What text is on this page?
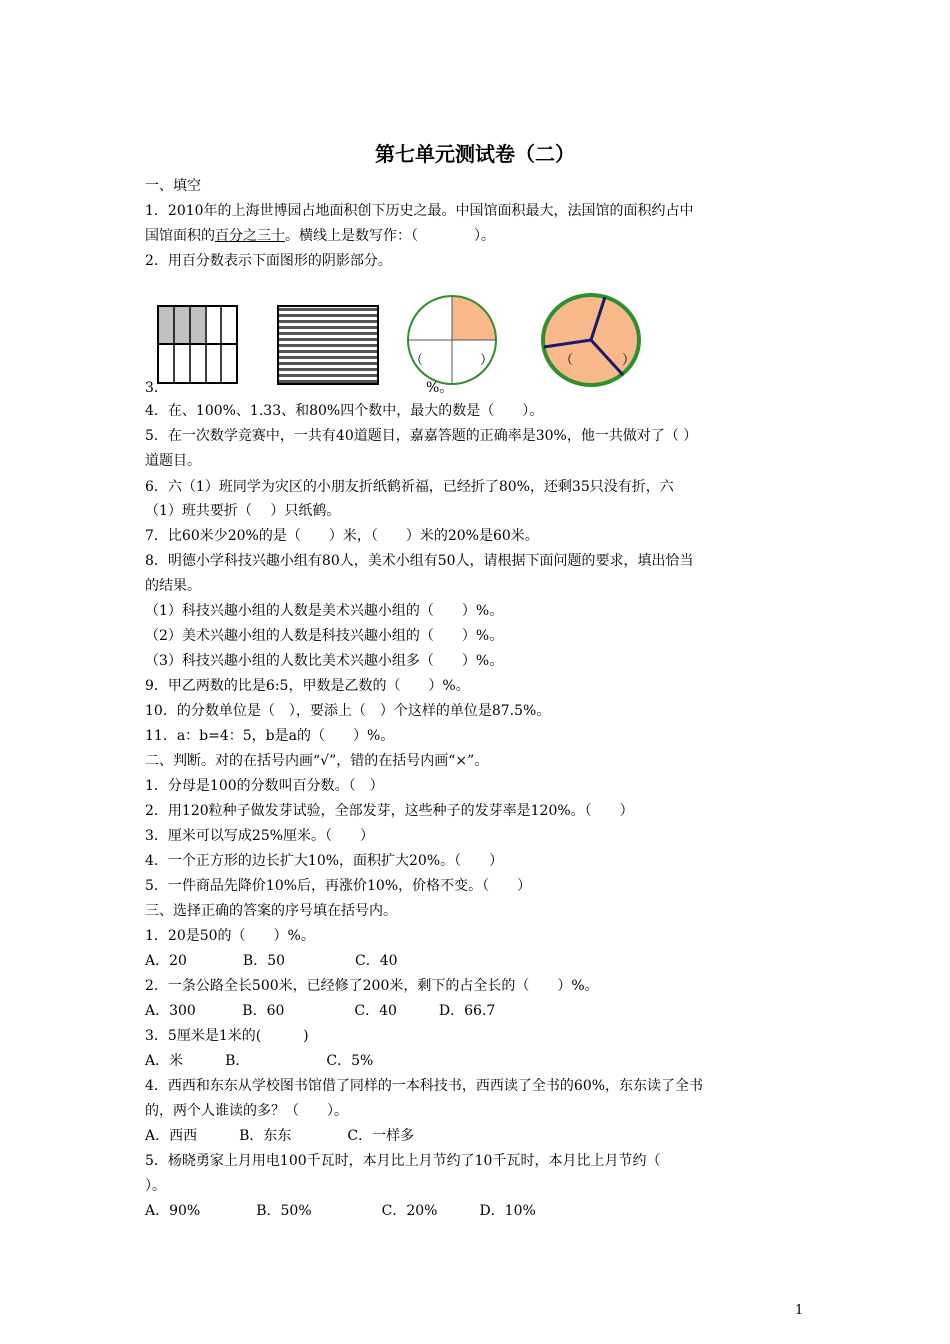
第七单元测试卷（二）
一、填空
1．2010年的上海世博园占地面积创下历史之最。中国馆面积最大，法国馆的面积约占中
国馆面积的百分之三十。横线上是数写作：（　　　　）。
2．用百分数表示下面图形的阴影部分。
（	）	（	）
3．	%。
4．在、100%、1.33、和80%四个数中，最大的数是（　　）。
5．在一次数学竞赛中，一共有40道题目，嘉嘉答题的正确率是30%，他一共做对了（ ）
道题目。
6．六（1）班同学为灾区的小朋友折纸鹤祈福，已经折了80%，还剩35只没有折，六
（1）班共要折（　 ）只纸鹤。
7．比60米少20%的是（　　）米，（　　）米的20%是60米。
8．明德小学科技兴趣小组有80人，美术小组有50人，请根据下面问题的要求，填出恰当
的结果。
（1）科技兴趣小组的人数是美术兴趣小组的（　　）%。
（2）美术兴趣小组的人数是科技兴趣小组的（　　）%。
（3）科技兴趣小组的人数比美术兴趣小组多（　　）%。
9．甲乙两数的比是6:5，甲数是乙数的（　　）%。
10．的分数单位是（　），要添上（　）个这样的单位是87.5%。
11．a：b=4：5，b是a的（　　）%。
二、判断。对的在括号内画“√”，错的在括号内画“×”。
1．分母是100的分数叫百分数。（　）
2．用120粒种子做发芽试验，全部发芽，这些种子的发芽率是120%。（　　）
3．厘米可以写成25%厘米。（　　）
4．一个正方形的边长扩大10%，面积扩大20%。（　　）
5．一件商品先降价10%后，再涨价10%，价格不变。（　　）
三、选择正确的答案的序号填在括号内。
1．20是50的（　　）%。
A．20　　　　B．50　　　　　C．40
2．一条公路全长500米，已经修了200米，剩下的占全长的（　　）%。
A．300　　　 B．60　　　　　C．40　　　D．66.7
3．5厘米是1米的(　　　)
A．米　　　B．　　　　　　C．5%
4．西西和东东从学校图书馆借了同样的一本科技书，西西读了全书的60%，东东读了全书
的，两个人谁读的多？（　　）。
A．西西　　　B．东东　　　　C．一样多
5．杨晓勇家上月用电100千瓦时，本月比上月节约了10千瓦时，本月比上月节约（
）。
A．90%　　　　B．50%　　　　　C．20%　　　D．10%
1
